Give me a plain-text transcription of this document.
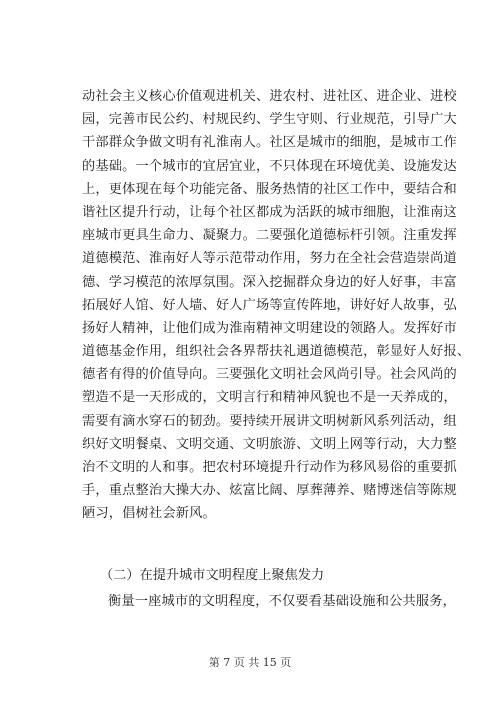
动社会主义核心价值观进机关、进农村、进社区、进企业、进校
园，完善市民公约、村规民约、学生守则、行业规范，引导广大
干部群众争做文明有礼淮南人。社区是城市的细胞，是城市工作
的基础。一个城市的宜居宜业，不只体现在环境优美、设施发达
上，更体现在每个功能完备、服务热情的社区工作中，要结合和
谐社区提升行动，让每个社区都成为活跃的城市细胞，让淮南这
座城市更具生命力、凝聚力。二要强化道德标杆引领。注重发挥
道德模范、淮南好人等示范带动作用，努力在全社会营造崇尚道
德、学习模范的浓厚氛围。深入挖掘群众身边的好人好事，丰富
拓展好人馆、好人墙、好人广场等宣传阵地，讲好好人故事，弘
扬好人精神，让他们成为淮南精神文明建设的领路人。发挥好市
道德基金作用，组织社会各界帮扶礼遇道德模范，彰显好人好报、
德者有得的价值导向。三要强化文明社会风尚引导。社会风尚的
塑造不是一天形成的，文明言行和精神风貌也不是一天养成的，
需要有滴水穿石的韧劲。要持续开展讲文明树新风系列活动，组
织好文明餐桌、文明交通、文明旅游、文明上网等行动，大力整
治不文明的人和事。把农村环境提升行动作为移风易俗的重要抓
手，重点整治大操大办、炫富比阔、厚葬薄养、赌博迷信等陈规
陋习，倡树社会新风。
（二）在提升城市文明程度上聚焦发力
衡量一座城市的文明程度，不仅要看基础设施和公共服务，
第 7 页 共 15 页
